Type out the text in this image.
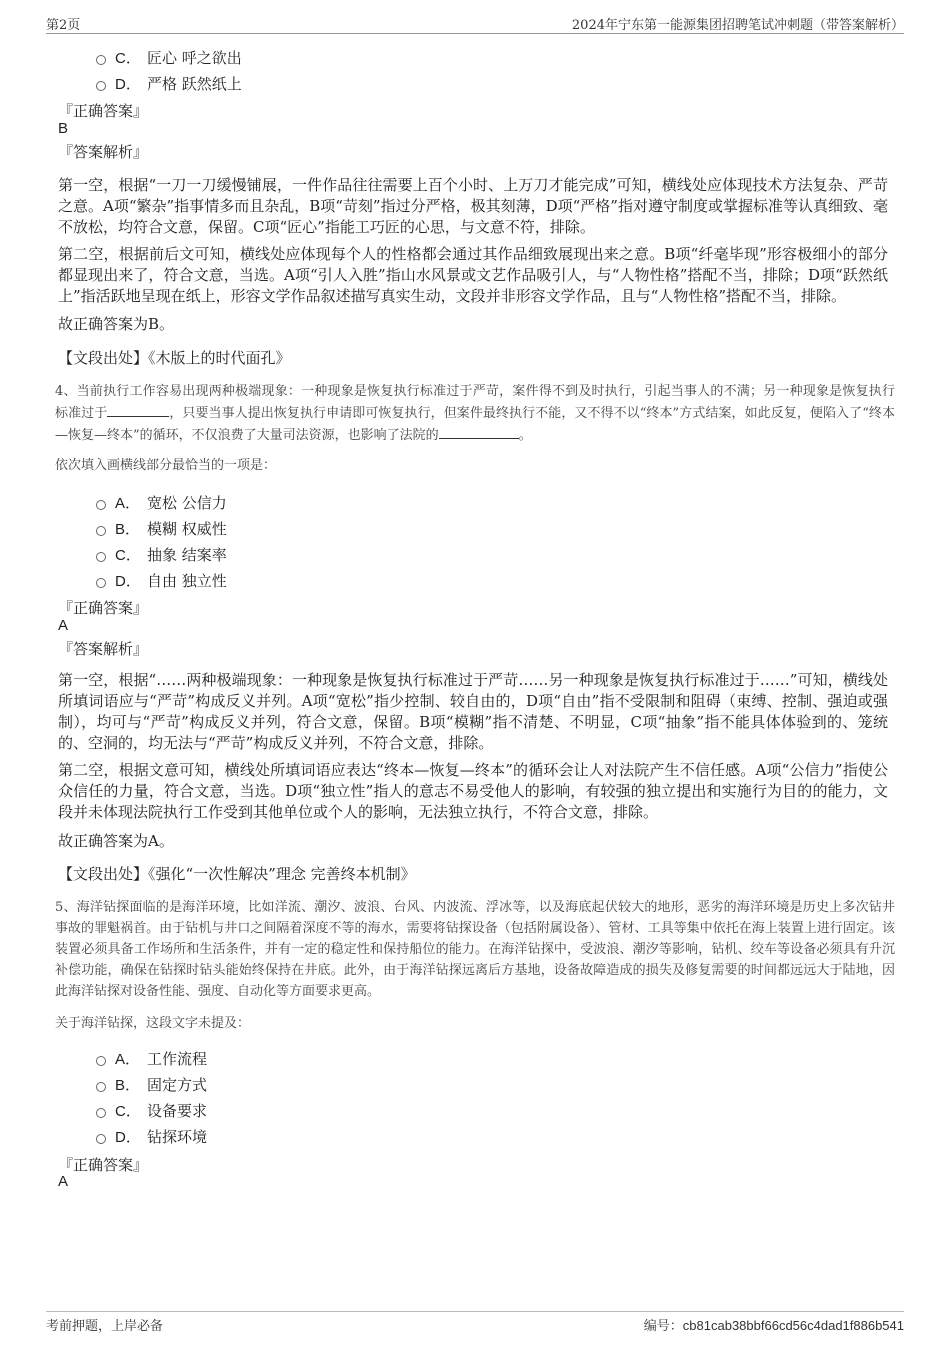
第2页	2024年宁东第一能源集团招聘笔试冲刺题（带答案解析）
C． 匠心 呼之欲出
D． 严格 跃然纸上
『正确答案』
B
『答案解析』
第一空，根据“一刀一刀缓慢铺展，一件作品往往需要上百个小时、上万刀才能完成”可知，横线处应体现技术方法复杂、严苛之意。A项“繁杂”指事情多而且杂乱，B项“苛刻”指过分严格，极其刻薄，D项“严格”指对遵守制度或掌握标准等认真细致、毫不放松，均符合文意，保留。C项“匠心”指能工巧匠的心思，与文意不符，排除。
第二空，根据前后文可知，横线处应体现每个人的性格都会通过其作品细致展现出来之意。B项“纤毫毕现”形容极细小的部分都显现出来了，符合文意，当选。A项“引人入胜”指山水风景或文艺作品吸引人，与“人物性格”搭配不当，排除；D项“跃然纸上”指活跃地呈现在纸上，形容文学作品叙述描写真实生动，文段并非形容文学作品，且与“人物性格”搭配不当，排除。
故正确答案为B。
【文段出处】《木版上的时代面孔》
4、当前执行工作容易出现两种极端现象：一种现象是恢复执行标准过于严苛，案件得不到及时执行，引起当事人的不满；另一种现象是恢复执行标准过于	，只要当事人提出恢复执行申请即可恢复执行，但案件最终执行不能，又不得不以“终本”方式结案，如此反复，便陷入了“终本—恢复—终本”的循环，不仅浪费了大量司法资源，也影响了法院的	。
依次填入画横线部分最恰当的一项是：
A． 宽松 公信力
B． 模糊 权威性
C． 抽象 结案率
D． 自由 独立性
『正确答案』
A
『答案解析』
第一空，根据“……两种极端现象：一种现象是恢复执行标准过于严苛……另一种现象是恢复执行标准过于……”可知，横线处所填词语应与“严苛”构成反义并列。A项“宽松”指少控制、较自由的，D项“自由”指不受限制和阻碍（束缚、控制、强迫或强制），均可与“严苛”构成反义并列，符合文意，保留。B项“模糊”指不清楚、不明显，C项“抽象”指不能具体体验到的、笼统的、空洞的，均无法与“严苛”构成反义并列，不符合文意，排除。
第二空，根据文意可知，横线处所填词语应表达“终本—恢复—终本”的循环会让人对法院产生不信任感。A项“公信力”指使公众信任的力量，符合文意，当选。D项“独立性”指人的意志不易受他人的影响，有较强的独立提出和实施行为目的的能力，文段并未体现法院执行工作受到其他单位或个人的影响，无法独立执行，不符合文意，排除。
故正确答案为A。
【文段出处】《强化“一次性解决”理念 完善终本机制》
5、海洋钻探面临的是海洋环境，比如洋流、潮汐、波浪、台风、内波流、浮冰等，以及海底起伏较大的地形，恶劣的海洋环境是历史上多次钻井事故的罪魁祸首。由于钻机与井口之间隔着深度不等的海水，需要将钻探设备（包括附属设备）、管材、工具等集中依托在海上装置上进行固定。该装置必须具备工作场所和生活条件，并有一定的稳定性和保持船位的能力。在海洋钻探中，受波浪、潮汐等影响，钻机、绞车等设备必须具有升沉补偿功能，确保在钻探时钻头能始终保持在井底。此外，由于海洋钻探远离后方基地，设备故障造成的损失及修复需要的时间都远远大于陆地，因此海洋钻探对设备性能、强度、自动化等方面要求更高。
关于海洋钻探，这段文字未提及：
A． 工作流程
B． 固定方式
C． 设备要求
D． 钻探环境
『正确答案』
A
考前押题，上岸必备	编号：cb81cab38bbf66cd56c4dad1f886b541
